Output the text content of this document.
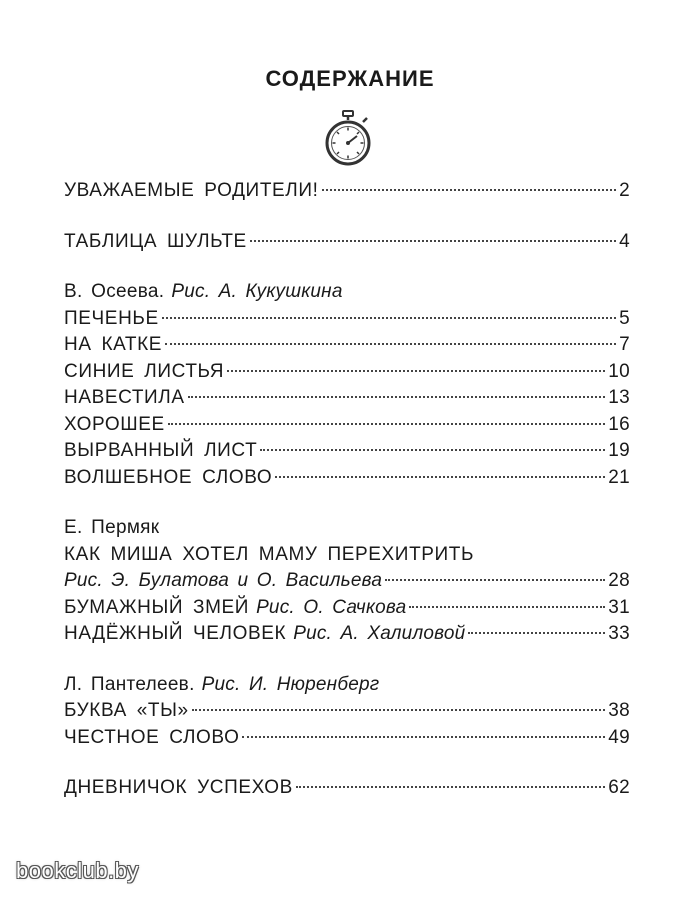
СОДЕРЖАНИЕ
УВАЖАЕМЫЕ РОДИТЕЛИ!	2
ТАБЛИЦА ШУЛЬТЕ	4
В. Осеева. Рис. А. Кукушкина
ПЕЧЕНЬЕ	5
НА КАТКЕ	7
СИНИЕ ЛИСТЬЯ	10
НАВЕСТИЛА	13
ХОРОШЕЕ	16
ВЫРВАННЫЙ ЛИСТ	19
ВОЛШЕБНОЕ СЛОВО	21
Е. Пермяк
КАК МИША ХОТЕЛ МАМУ ПЕРЕХИТРИТЬ
Рис. Э. Булатова и О. Васильева	28
БУМАЖНЫЙ ЗМЕЙ Рис. О. Сачкова	31
НАДЁЖНЫЙ ЧЕЛОВЕК Рис. А. Халиловой	33
Л. Пантелеев. Рис. И. Нюренберг
БУКВА «ТЫ»	38
ЧЕСТНОЕ СЛОВО	49
ДНЕВНИЧОК УСПЕХОВ	62
bookclub.by
